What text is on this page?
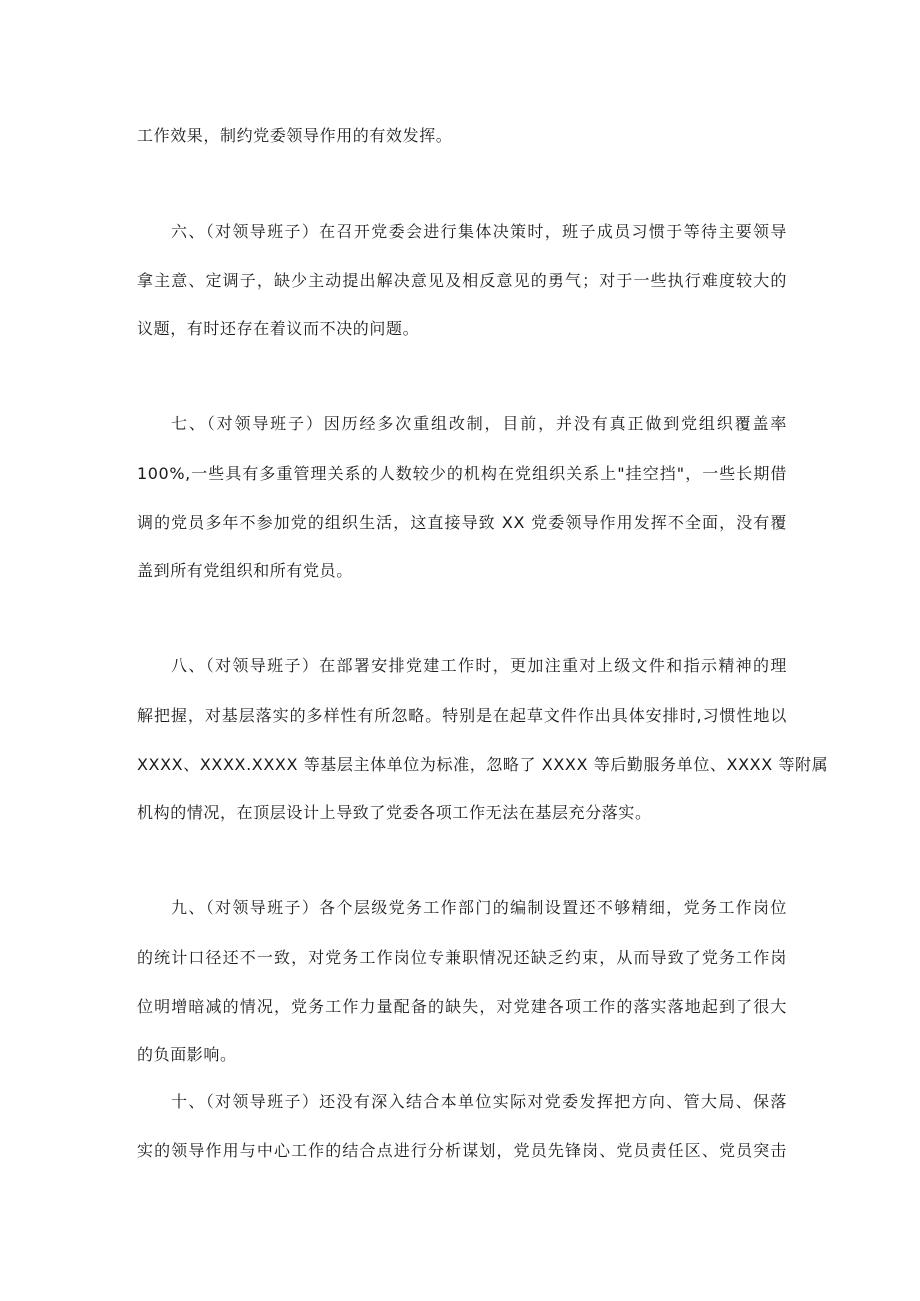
工作效果，制约党委领导作用的有效发挥。
六、（对领导班子）在召开党委会进行集体决策时，班子成员习惯于等待主要领导
拿主意、定调子，缺少主动提出解决意见及相反意见的勇气；对于一些执行难度较大的
议题，有时还存在着议而不决的问题。
七、（对领导班子）因历经多次重组改制，目前，并没有真正做到党组织覆盖率
100%,一些具有多重管理关系的人数较少的机构在党组织关系上"挂空挡"，一些长期借
调的党员多年不参加党的组织生活，这直接导致 XX 党委领导作用发挥不全面，没有覆
盖到所有党组织和所有党员。
八、（对领导班子）在部署安排党建工作时，更加注重对上级文件和指示精神的理
解把握，对基层落实的多样性有所忽略。特别是在起草文件作出具体安排时,习惯性地以
XXXX、XXXX.XXXX 等基层主体单位为标准，忽略了 XXXX 等后勤服务单位、XXXX 等附属
机构的情况，在顶层设计上导致了党委各项工作无法在基层充分落实。
九、（对领导班子）各个层级党务工作部门的编制设置还不够精细，党务工作岗位
的统计口径还不一致，对党务工作岗位专兼职情况还缺乏约束，从而导致了党务工作岗
位明增暗减的情况，党务工作力量配备的缺失，对党建各项工作的落实落地起到了很大
的负面影响。
十、（对领导班子）还没有深入结合本单位实际对党委发挥把方向、管大局、保落
实的领导作用与中心工作的结合点进行分析谋划，党员先锋岗、党员责任区、党员突击
